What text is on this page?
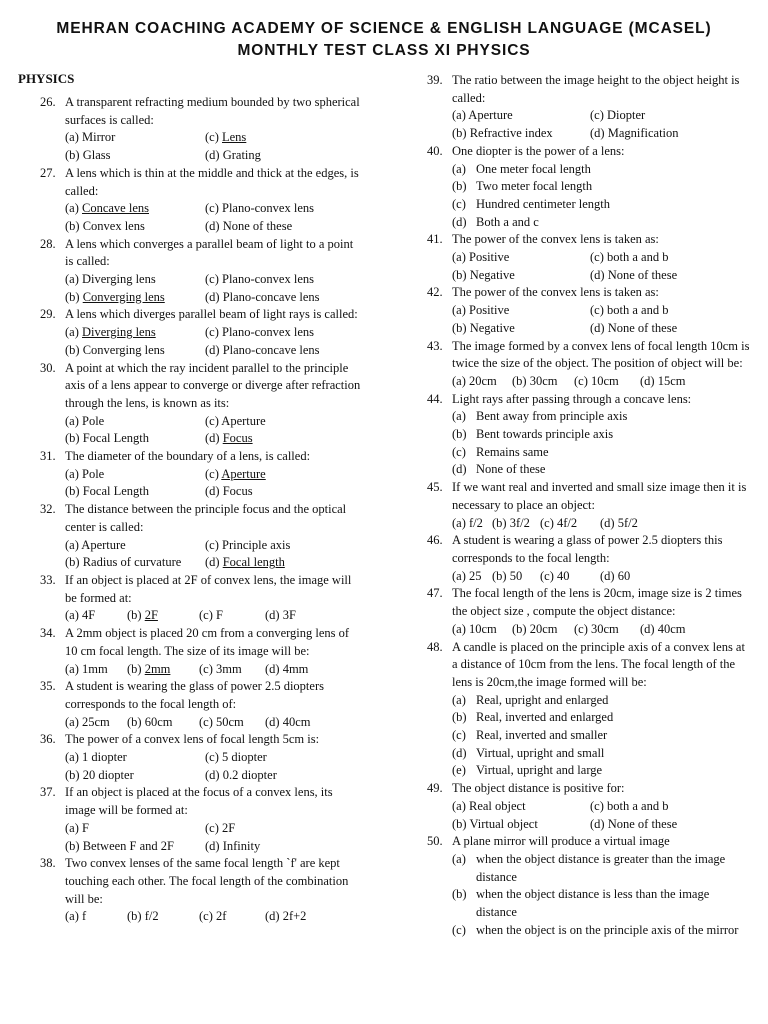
MEHRAN COACHING ACADEMY OF SCIENCE & ENGLISH LANGUAGE (MCASEL)
MONTHLY TEST CLASS XI PHYSICS
PHYSICS
26. A transparent refracting medium bounded by two spherical surfaces is called:
(a) Mirror	(c) Lens
(b) Glass	(d) Grating
27. A lens which is thin at the middle and thick at the edges, is called:
(a) Concave lens	(c) Plano-convex lens
(b) Convex lens	(d) None of these
28. A lens which converges a parallel beam of light to a point is called:
(a) Diverging lens	(c) Plano-convex lens
(b) Converging lens	(d) Plano-concave lens
29. A lens which diverges parallel beam of light rays is called:
(a) Diverging lens	(c) Plano-convex lens
(b) Converging lens	(d) Plano-concave lens
30. A point at which the ray incident parallel to the principle axis of a lens appear to converge or diverge after refraction through the lens, is known as its:
(a) Pole	(c) Aperture
(b) Focal Length	(d) Focus
31. The diameter of the boundary of a lens, is called:
(a) Pole	(c) Aperture
(b) Focal Length	(d) Focus
32. The distance between the principle focus and the optical center is called:
(a) Aperture	(c) Principle axis
(b) Radius of curvature	(d) Focal length
33. If an object is placed at 2F of convex lens, the image will be formed at:
(a) 4F	(b) 2F	(c) F	(d) 3F
34. A 2mm object is placed 20 cm from a converging lens of 10 cm focal length. The size of its image will be:
(a) 1mm	(b) 2mm	(c) 3mm	(d) 4mm
35. A student is wearing the glass of power 2.5 diopters corresponds to the focal length of:
(a) 25cm	(b) 60cm	(c) 50cm	(d) 40cm
36. The power of a convex lens of focal length 5cm is:
(a) 1 diopter	(c) 5 diopter
(b) 20 diopter	(d) 0.2 diopter
37. If an object is placed at the focus of a convex lens, its image will be formed at:
(a) F	(c) 2F
(b) Between F and 2F	(d) Infinity
38. Two convex lenses of the same focal length `f' are kept touching each other. The focal length of the combination will be:
(a) f	(b) f/2	(c) 2f	(d) 2f+2
39. The ratio between the image height to the object height is called:
(a) Aperture	(c) Diopter
(b) Refractive index	(d) Magnification
40. One diopter is the power of a lens:
(a) One meter focal length
(b) Two meter focal length
(c) Hundred centimeter length
(d) Both a and c
41. The power of the convex lens is taken as:
(a) Positive	(c) both a and b
(b) Negative	(d) None of these
42. The power of the convex lens is taken as:
(a) Positive	(c) both a and b
(b) Negative	(d) None of these
43. The image formed by a convex lens of focal length 10cm is twice the size of the object. The position of object will be:
(a) 20cm	(b) 30cm	(c) 10cm	(d) 15cm
44. Light rays after passing through a concave lens:
(a) Bent away from principle axis
(b) Bent towards principle axis
(c) Remains same
(d) None of these
45. If we want real and inverted and small size image then it is necessary to place an object:
(a) f/2 (b) 3f/2 (c) 4f/2	(d) 5f/2
46. A student is wearing a glass of power 2.5 diopters this corresponds to the focal length:
(a) 25 (b) 50	(c) 40	(d) 60
47. The focal length of the lens is 20cm, image size is 2 times the object size , compute the object distance:
(a) 10cm	(b) 20cm	(c) 30cm	(d) 40cm
48. A candle is placed on the principle axis of a convex lens at a distance of 10cm from the lens. The focal length of the lens is 20cm,the image formed will be:
(a) Real, upright and enlarged
(b) Real, inverted and enlarged
(c) Real, inverted and smaller
(d) Virtual, upright and small
(e) Virtual, upright and large
49. The object distance is positive for:
(a) Real object	(c) both a and b
(b) Virtual object	(d) None of these
50. A plane mirror will produce a virtual image
(a) when the object distance is greater than the image distance
(b) when the object distance is less than the image distance
(c) when the object is on the principle axis of the mirror
